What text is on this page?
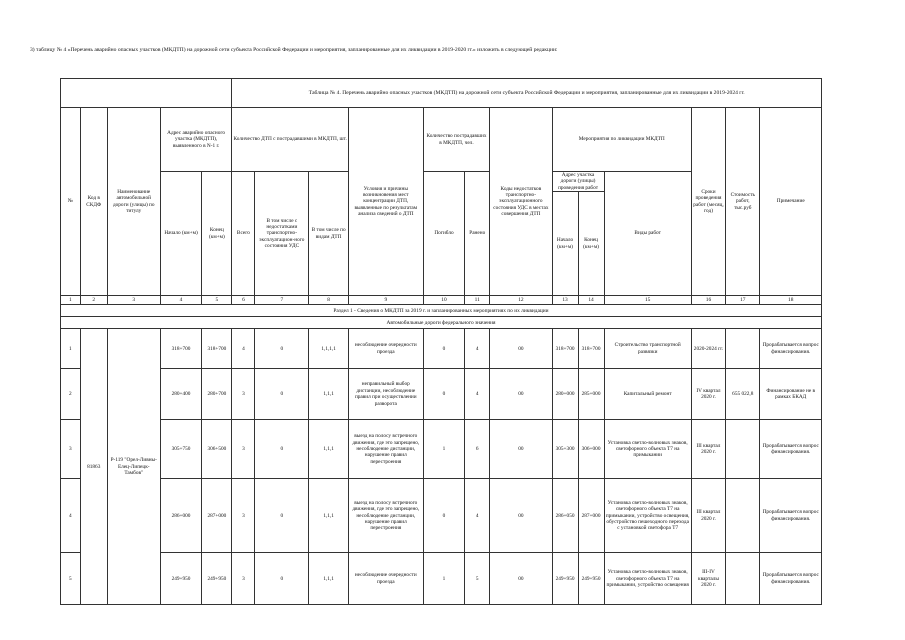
3) таблицу № 4 «Перечень аварийно опасных участков (МКДТП) на дорожной сети субъекта Российской Федерации и мероприятия, запланированные для их ликвидации в 2019-2020 гг.» изложить в следующей редакции:
					Таблица № 4. Перечень аварийно опасных участков (МКДТП) на дорожной сети субъекта Российской Федерации и мероприятия, запланированные для их ликвидации в 2019-2024 гг.												
№	Код в СКДФ	Наименование автомобильной дороги (улицы) по титулу	Адрес аварийно опасного участка (МКДТП), выявленного в N-1 г.		Количество ДТП с пострадавшими в МКДТП, шт.			Условия и причины возникновения мест концентрации ДТП, выявленные по результатам анализа сведений о ДТП	Количество пострадавших в МКДТП, чел.		Коды недостатков транспортно-эксплуатационного состояния УДС в местах совершения ДТП	Мероприятия по ликвидации МКДТП			Сроки проведения работ (месяц, год)	Стоимость работ, тыс.руб	Примечание
			Начало (км+м)	Конец (км+м)	Всего	В том числе с недостатками транспортно-эксплуатацион-ного состояния УДС	В том числе по видам ДТП		Погибло	Ранено		Адрес участка дороги (улицы) проведения работ		Виды работ			
												Начало (км+м)	Конец (км+м)				
1	2	3	4	5	6	7	8	9	10	11	12	13	14	15	16	17	18
Раздел 1 - Сведения о МКДТП за 2019 г. и запланированных мероприятиях по их ликвидации																	
Автомобильные дороги федерального значения																	
1	81863	Р-119 "Орел-Ливны-Елец-Липецк-Тамбов"	318+700	318+700	4	0	1,1,1,1	несоблюдение очередности проезда	0	4	00	318+700	318+700	Строительство транспортной развязки	2020-2024 гг.		Прорабатывается вопрос финансирования.
2			280+400	280+700	3	0	1,1,1	неправильный выбор дистанции, несоблюдение правил при осуществлении разворота	0	4	00	280+000	285+000	Капитальный ремонт	IV квартал 2020 г.	655 022,8	Финансирование не в рамках БКАД
3			305+750	306+500	3	0	1,1,1	выезд на полосу встречного движения, где это запрещено, несоблюдение дистанции, нарушение правил перестроения	1	6	00	305+300	306+000	Установка светло-волновых знаков, светофорного объекта Т7 на примыкании	III квартал 2020 г.		Прорабатывается вопрос финансирования.
4			286+000	287+000	3	0	1,1,1	выезд на полосу встречного движения, где это запрещено, несоблюдение дистанции, нарушение правил перестроения	0	4	00	286+050	287+000	Установка светло-волновых знаков, светофорного объекта Т7 на примыкании, устройство освещения, обустройство пешеходного перехода с установкой светофора Т7	III квартал 2020 г.		Прорабатывается вопрос финансирования.
5			249+950	249+950	3	0	1,1,1	несоблюдение очередности проезда	1	5	00	249+950	249+950	Установка светло-волновых знаков, светофорного объекта Т7 на примыкании, устройство освещения	III-IV кварталы 2020 г.		Прорабатывается вопрос финансирования.
